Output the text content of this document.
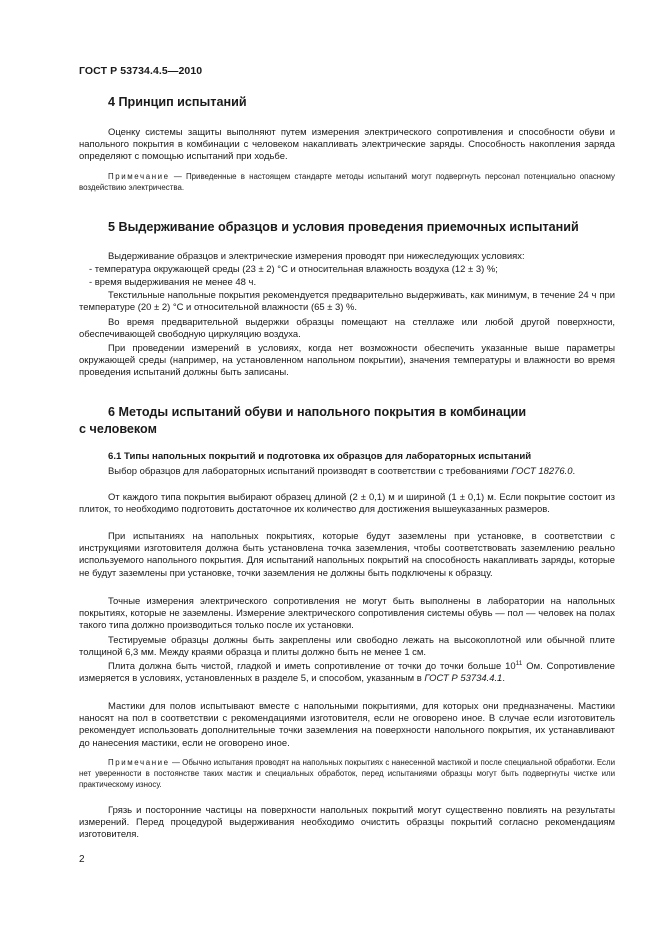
ГОСТ Р 53734.4.5—2010
4 Принцип испытаний
Оценку системы защиты выполняют путем измерения электрического сопротивления и способности обуви и напольного покрытия в комбинации с человеком накапливать электрические заряды. Способность накопления заряда определяют с помощью испытаний при ходьбе.
Примечание — Приведенные в настоящем стандарте методы испытаний могут подвергнуть персонал потенциально опасному воздействию электричества.
5 Выдерживание образцов и условия проведения приемочных испытаний
Выдерживание образцов и электрические измерения проводят при нижеследующих условиях:
- температура окружающей среды (23 ± 2) °С и относительная влажность воздуха (12 ± 3) %;
- время выдерживания не менее 48 ч.
Текстильные напольные покрытия рекомендуется предварительно выдерживать, как минимум, в течение 24 ч при температуре (20 ± 2) °С и относительной влажности (65 ± 3) %.
Во время предварительной выдержки образцы помещают на стеллаже или любой другой поверхности, обеспечивающей свободную циркуляцию воздуха.
При проведении измерений в условиях, когда нет возможности обеспечить указанные выше параметры окружающей среды (например, на установленном напольном покрытии), значения температуры и влажности во время проведения испытаний должны быть записаны.
6 Методы испытаний обуви и напольного покрытия в комбинации
с человеком
6.1 Типы напольных покрытий и подготовка их образцов для лабораторных испытаний
Выбор образцов для лабораторных испытаний производят в соответствии с требованиями ГОСТ 18276.0.
От каждого типа покрытия выбирают образец длиной (2 ± 0,1) м и шириной (1 ± 0,1) м. Если покрытие состоит из плиток, то необходимо подготовить достаточное их количество для достижения вышеуказанных размеров.
При испытаниях на напольных покрытиях, которые будут заземлены при установке, в соответствии с инструкциями изготовителя должна быть установлена точка заземления, чтобы соответствовать заземлению реально используемого напольного покрытия. Для испытаний напольных покрытий на способность накапливать заряды, которые не будут заземлены при установке, точки заземления не должны быть подключены к образцу.
Точные измерения электрического сопротивления не могут быть выполнены в лаборатории на напольных покрытиях, которые не заземлены. Измерение электрического сопротивления системы обувь — пол — человек на полах такого типа должно производиться только после их установки.
Тестируемые образцы должны быть закреплены или свободно лежать на высокоплотной или обычной плите толщиной 6,3 мм. Между краями образца и плиты должно быть не менее 1 см.
Плита должна быть чистой, гладкой и иметь сопротивление от точки до точки больше $10^{11}$ Ом. Сопротивление измеряется в условиях, установленных в разделе 5, и способом, указанным в ГОСТ Р 53734.4.1.
Мастики для полов испытывают вместе с напольными покрытиями, для которых они предназначены. Мастики наносят на пол в соответствии с рекомендациями изготовителя, если не оговорено иное. В случае если изготовитель рекомендует использовать дополнительные точки заземления на поверхности напольного покрытия, их устанавливают до нанесения мастики, если не оговорено иное.
Примечание — Обычно испытания проводят на напольных покрытиях с нанесенной мастикой и после специальной обработки. Если нет уверенности в постоянстве таких мастик и специальных обработок, перед испытаниями образцы могут быть подвергнуты чистке или практическому износу.
Грязь и посторонние частицы на поверхности напольных покрытий могут существенно повлиять на результаты измерений. Перед процедурой выдерживания необходимо очистить образцы покрытий согласно рекомендациям изготовителя.
2
